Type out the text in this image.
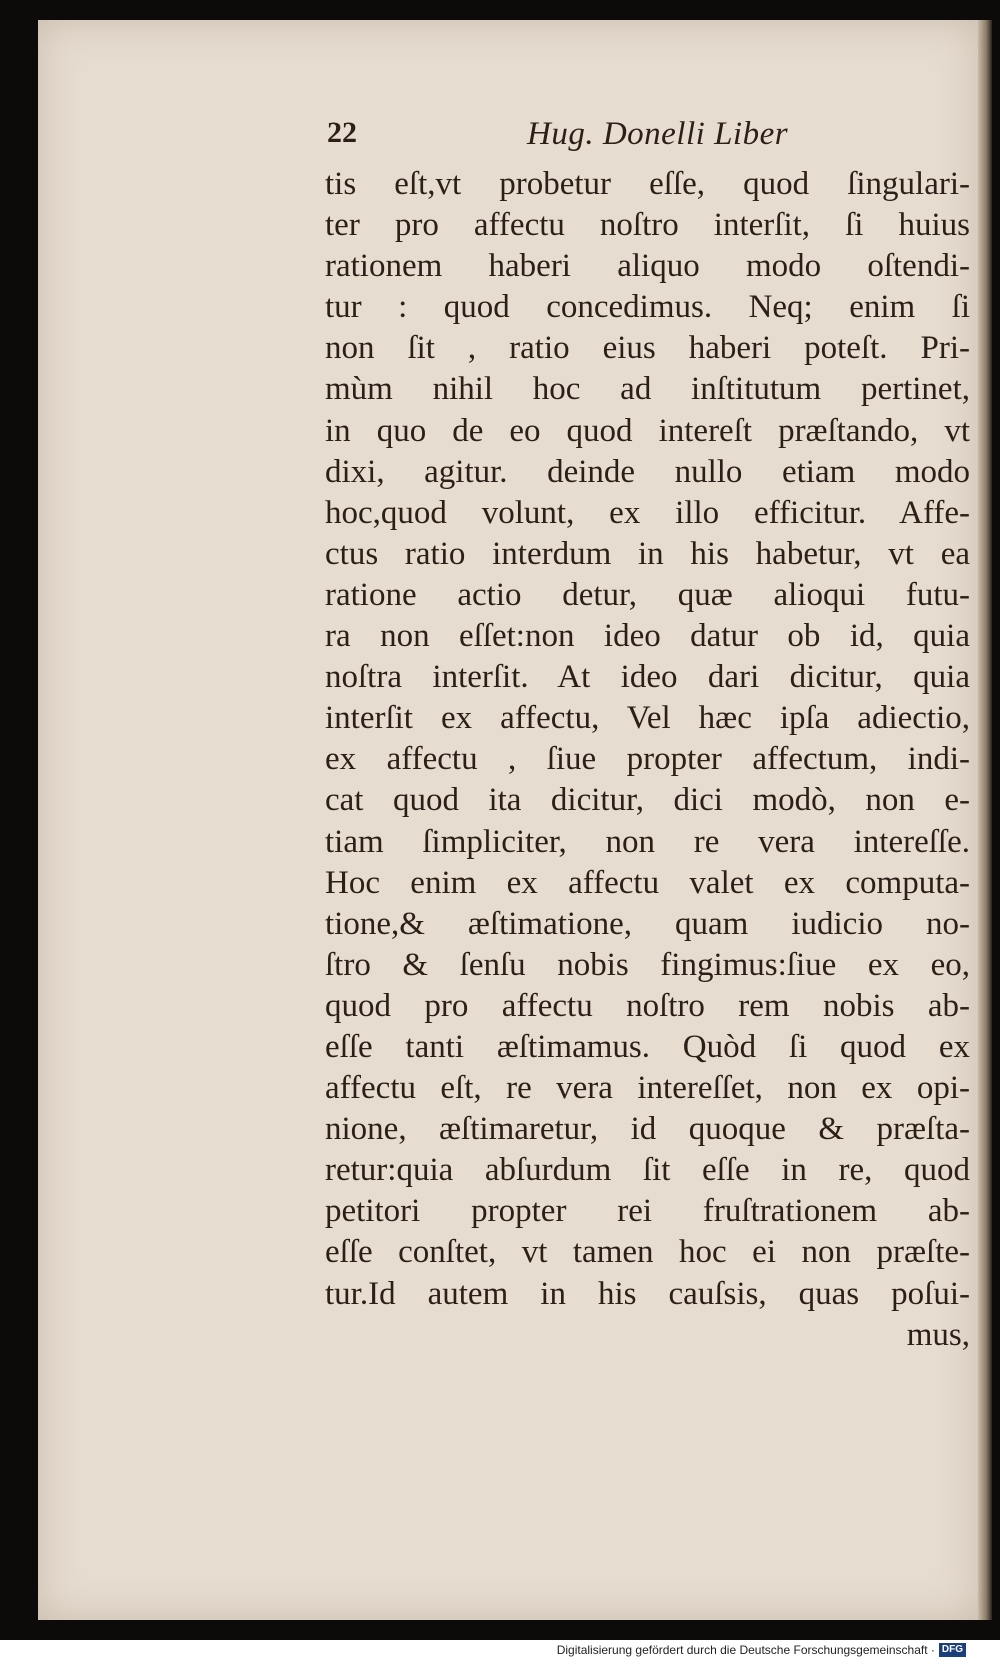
22	Hug. Donelli Liber
tis eſt,vt probetur eſſe, quod ſingulari-
ter pro affectu noſtro interſit, ſi huius
rationem haberi aliquo modo oſtendi-
tur : quod concedimus. Neq; enim ſi
non ſit , ratio eius haberi poteſt. Pri-
mùm nihil hoc ad inſtitutum pertinet,
in quo de eo quod intereſt præſtando, vt
dixi, agitur. deinde nullo etiam modo
hoc,quod volunt, ex illo efficitur. Affe-
ctus ratio interdum in his habetur, vt ea
ratione actio detur, quæ alioqui futu-
ra non eſſet:non ideo datur ob id, quia
noſtra interſit. At ideo dari dicitur, quia
interſit ex affectu, Vel hæc ipſa adiectio,
ex affectu , ſiue propter affectum, indi-
cat quod ita dicitur, dici modò, non e-
tiam ſimpliciter, non re vera intereſſe.
Hoc enim ex affectu valet ex computa-
tione,& æſtimatione, quam iudicio no-
ſtro & ſenſu nobis fingimus:ſiue ex eo,
quod pro affectu noſtro rem nobis ab-
eſſe tanti æſtimamus. Quòd ſi quod ex
affectu eſt, re vera intereſſet, non ex opi-
nione, æſtimaretur, id quoque & præſta-
retur:quia abſurdum ſit eſſe in re, quod
petitori propter rei fruſtrationem ab-
eſſe conſtet, vt tamen hoc ei non præſte-
tur.Id autem in his cauſsis, quas poſui-
mus,
Digitalisierung gefördert durch die Deutsche Forschungsgemeinschaft · DFG
